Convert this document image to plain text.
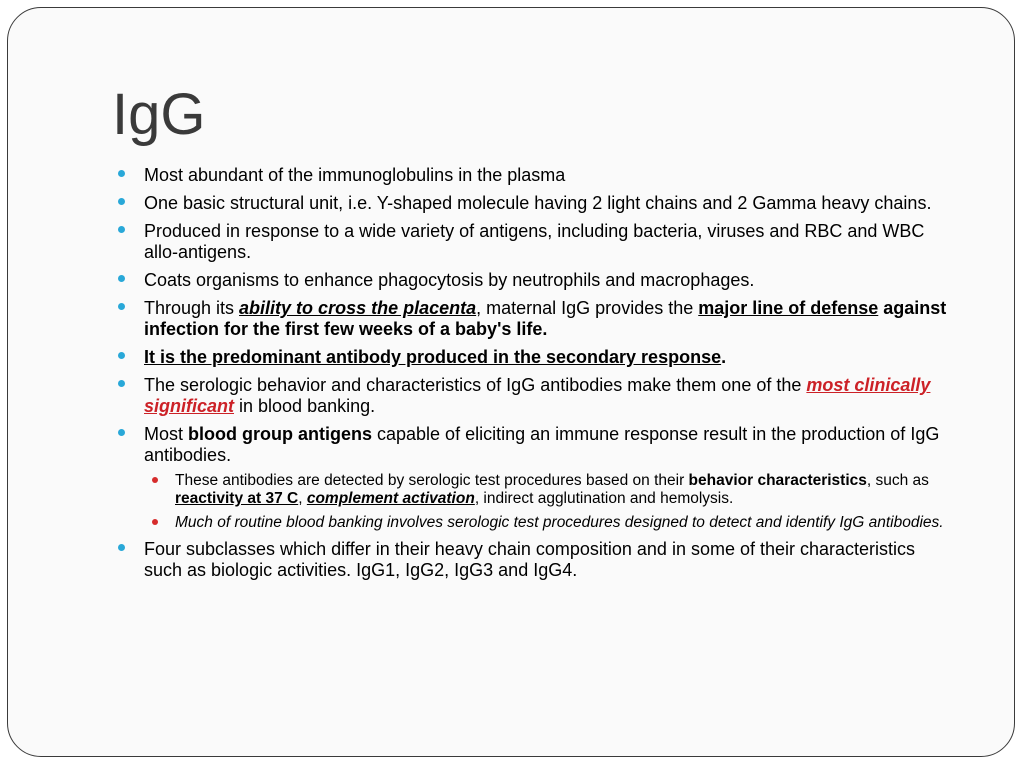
IgG
Most abundant of the immunoglobulins in the plasma
One basic structural unit, i.e. Y-shaped molecule having 2 light chains and 2 Gamma heavy chains.
Produced in response to a wide variety of antigens, including bacteria, viruses and RBC and WBC allo-antigens.
Coats organisms to enhance phagocytosis by neutrophils and macrophages.
Through its ability to cross the placenta, maternal IgG provides the major line of defense against infection for the first few weeks of a baby's life.
It is the predominant antibody produced in the secondary response.
The serologic behavior and characteristics of IgG antibodies make them one of the most clinically significant in blood banking.
Most blood group antigens capable of eliciting an immune response result in the production of IgG antibodies.
These antibodies are detected by serologic test procedures based on their behavior characteristics, such as reactivity at 37 C, complement activation, indirect agglutination and hemolysis.
Much of routine blood banking involves serologic test procedures designed to detect and identify IgG antibodies.
Four subclasses which differ in their heavy chain composition and in some of their characteristics such as biologic activities. IgG1, IgG2, IgG3 and IgG4.
